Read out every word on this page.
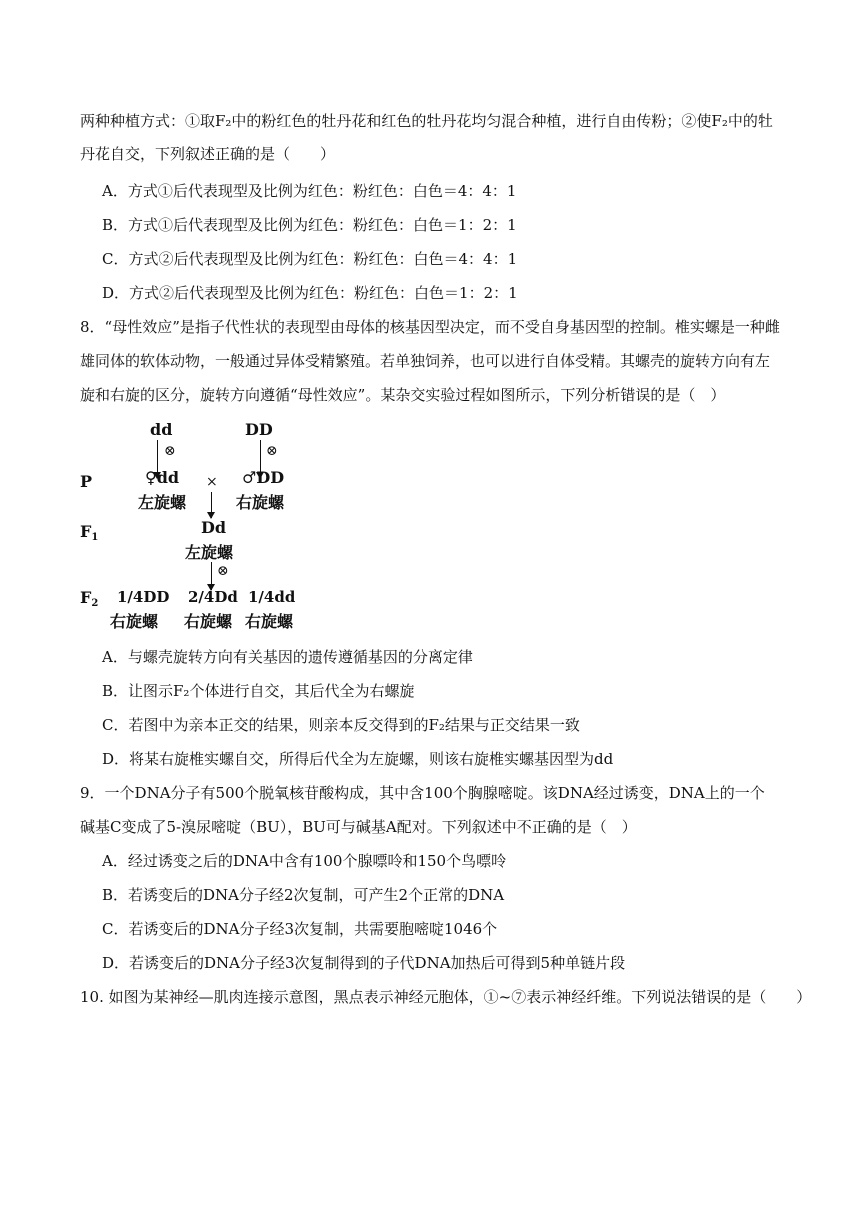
两种种植方式：①取F₂中的粉红色的牡丹花和红色的牡丹花均匀混合种植，进行自由传粉；②使F₂中的牡
丹花自交，下列叙述正确的是（　　）
A．方式①后代表现型及比例为红色：粉红色：白色＝4：4：1
B．方式①后代表现型及比例为红色：粉红色：白色＝1：2：1
C．方式②后代表现型及比例为红色：粉红色：白色＝4：4：1
D．方式②后代表现型及比例为红色：粉红色：白色＝1：2：1
8．“母性效应”是指子代性状的表现型由母体的核基因型决定，而不受自身基因型的控制。椎实螺是一种雌
雄同体的软体动物，一般通过异体受精繁殖。若单独饲养，也可以进行自体受精。其螺壳的旋转方向有左
旋和右旋的区分，旋转方向遵循“母性效应”。某杂交实验过程如图所示，下列分析错误的是（　）
dd	DD
⊗	⊗
P	♀dd × ♂DD
左旋螺	右旋螺
$F_1$
Dd
左旋螺
⊗
$F_2$ 1/4DD 2/4Dd 1/4dd
右旋螺 右旋螺 右旋螺
A．与螺壳旋转方向有关基因的遗传遵循基因的分离定律
B．让图示F₂个体进行自交，其后代全为右螺旋
C．若图中为亲本正交的结果，则亲本反交得到的F₂结果与正交结果一致
D．将某右旋椎实螺自交，所得后代全为左旋螺，则该右旋椎实螺基因型为dd
9．一个DNA分子有500个脱氧核苷酸构成，其中含100个胸腺嘧啶。该DNA经过诱变，DNA上的一个
碱基C变成了5-溴尿嘧啶（BU），BU可与碱基A配对。下列叙述中不正确的是（　）
A．经过诱变之后的DNA中含有100个腺嘌呤和150个鸟嘌呤
B．若诱变后的DNA分子经2次复制，可产生2个正常的DNA
C．若诱变后的DNA分子经3次复制，共需要胞嘧啶1046个
D．若诱变后的DNA分子经3次复制得到的子代DNA加热后可得到5种单链片段
10. 如图为某神经—肌肉连接示意图，黑点表示神经元胞体，①~⑦表示神经纤维。下列说法错误的是（　　）
